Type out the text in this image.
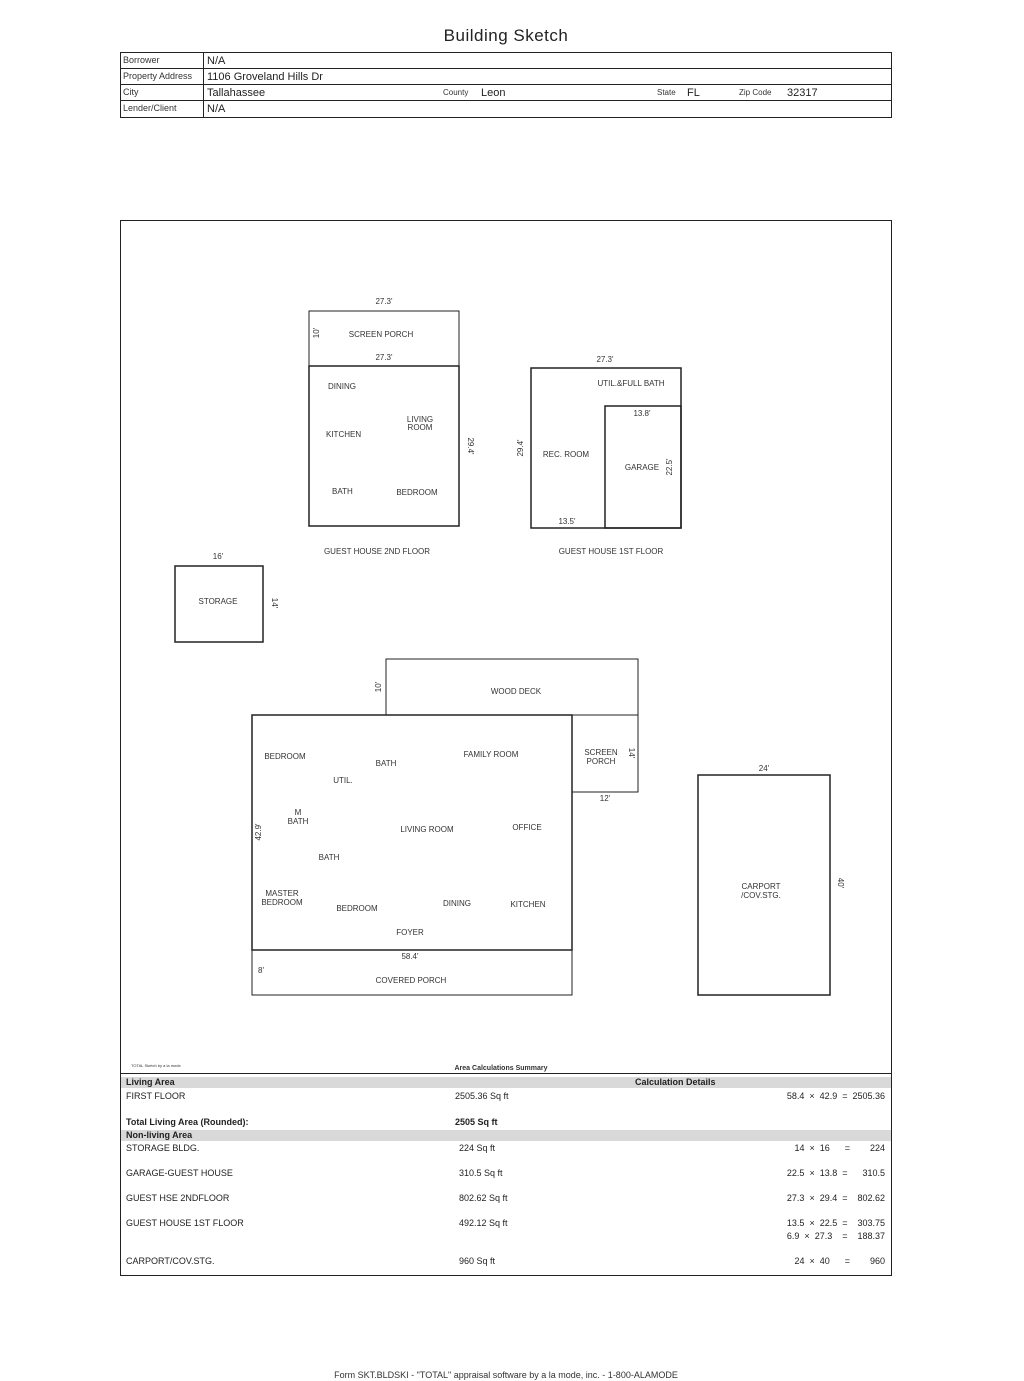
Building Sketch
Borrower	N/A
Property Address 1106 Groveland Hills Dr
City	Tallahassee	County Leon	State FL	Zip Code 32317
Lender/Client	N/A
27.3'
10'	SCREEN PORCH
27.3'
29.4'
DINING
KITCHEN
LIVING
ROOM
BATH	BEDROOM
GUEST HOUSE 2ND FLOOR
27.3'
29.4'
UTIL.&FULL BATH
13.8'
REC. ROOM
GARAGE 22.5'
13.5'
GUEST HOUSE 1ST FLOOR
16'
STORAGE	14'
10'	WOOD DECK
BEDROOM
BATH
UTIL.
FAMILY ROOM
M
BATH
42.9'	LIVING ROOM	OFFICE
BATH
MASTER
BEDROOM
BEDROOM
DINING	KITCHEN
FOYER
58.4'
SCREEN
PORCH
14'
12'
8'
COVERED PORCH
24'
CARPORT
/COV.STG.
40'
TOTAL Sketch by a la mode	Area Calculations Summary
Living Area	Calculation Details
FIRST FLOOR	2505.36 Sq ft	58.4  ×  42.9  =  2505.36
Total Living Area (Rounded):	2505 Sq ft
Non-living Area
STORAGE BLDG.	224 Sq ft	14  ×  16      =        224
GARAGE-GUEST HOUSE	310.5 Sq ft	22.5  ×  13.8  =      310.5
GUEST HSE 2NDFLOOR	802.62 Sq ft	27.3  ×  29.4  =    802.62
GUEST HOUSE 1ST FLOOR	492.12 Sq ft	13.5  ×  22.5  =    303.75
6.9  ×  27.3    =    188.37
CARPORT/COV.STG.	960 Sq ft	24  ×  40      =        960
Form SKT.BLDSKI - "TOTAL" appraisal software by a la mode, inc. - 1-800-ALAMODE
